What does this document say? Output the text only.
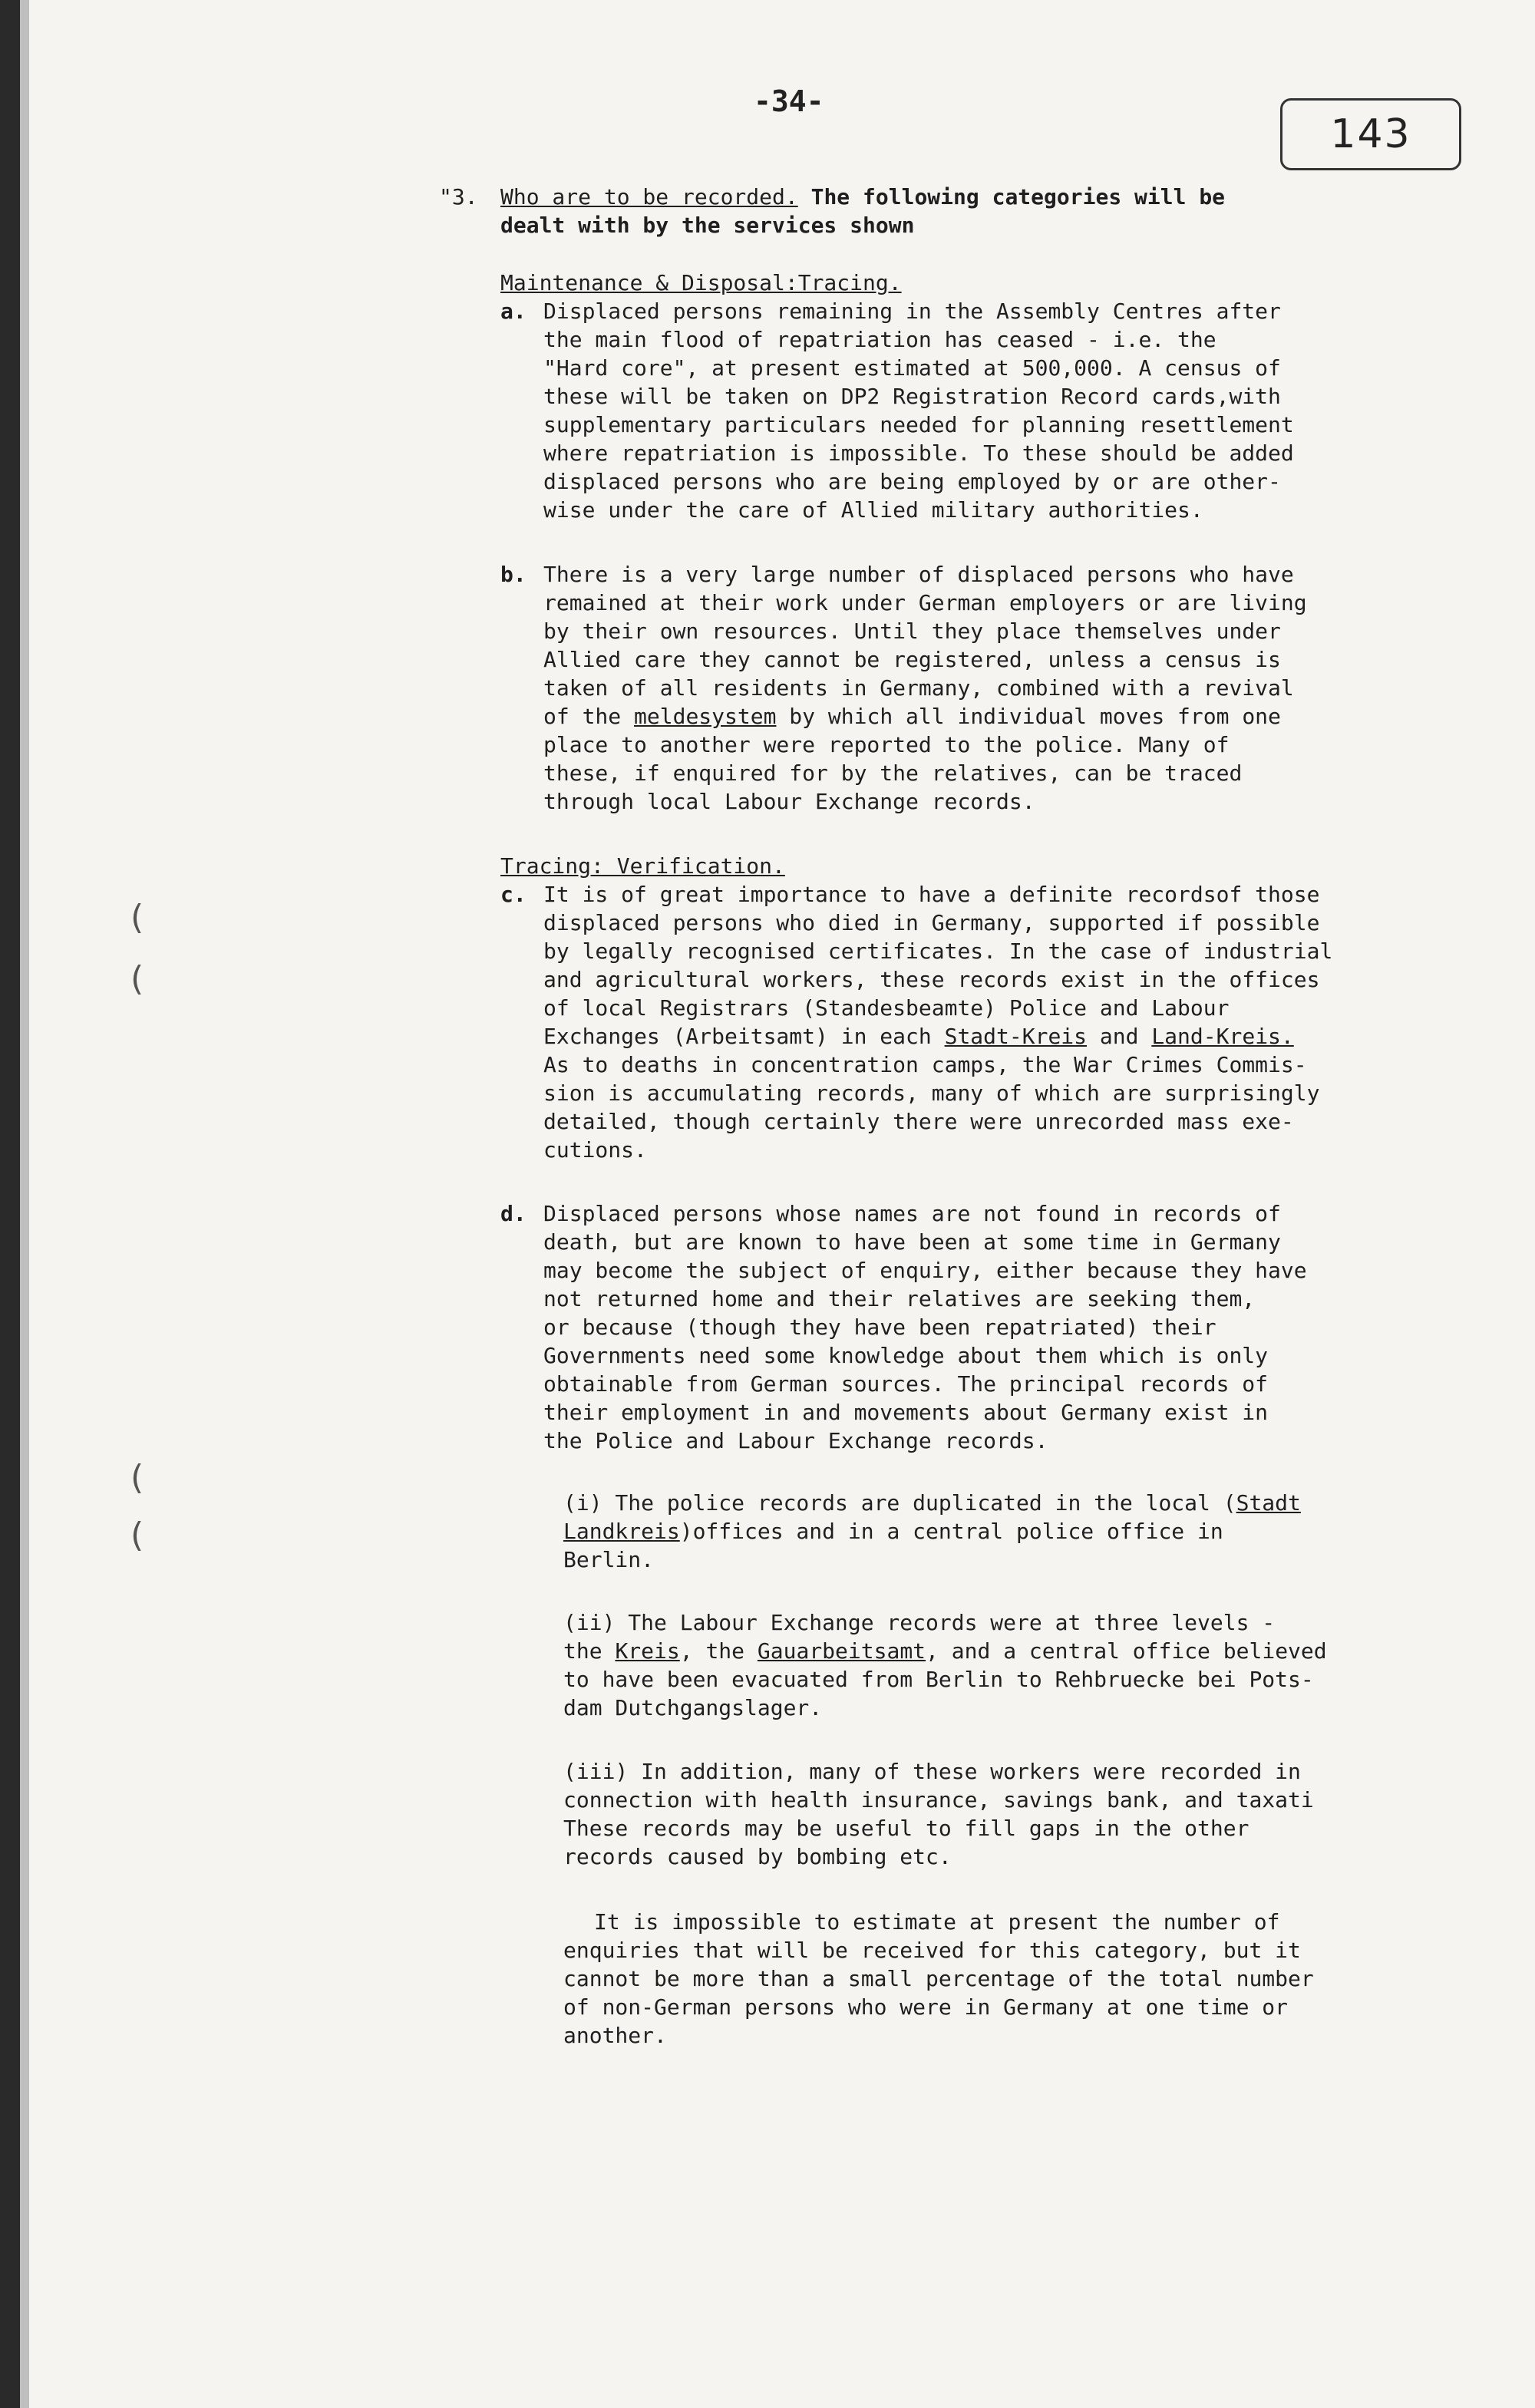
-34-
143
(
(
(
(
"3. Who are to be recorded. The following categories will be
dealt with by the services shown
Maintenance & Disposal:Tracing.
a. Displaced persons remaining in the Assembly Centres after
the main flood of repatriation has ceased - i.e. the
"Hard core", at present estimated at 500,000. A census of
these will be taken on DP2 Registration Record cards,with
supplementary particulars needed for planning resettlement
where repatriation is impossible. To these should be added
displaced persons who are being employed by or are other-
wise under the care of Allied military authorities.
b. There is a very large number of displaced persons who have
remained at their work under German employers or are living
by their own resources. Until they place themselves under
Allied care they cannot be registered, unless a census is
taken of all residents in Germany, combined with a revival
of the meldesystem by which all individual moves from one
place to another were reported to the police. Many of
these, if enquired for by the relatives, can be traced
through local Labour Exchange records.
Tracing: Verification.
c. It is of great importance to have a definite recordsof those
displaced persons who died in Germany, supported if possible
by legally recognised certificates. In the case of industrial
and agricultural workers, these records exist in the offices
of local Registrars (Standesbeamte) Police and Labour
Exchanges (Arbeitsamt) in each Stadt-Kreis and Land-Kreis.
As to deaths in concentration camps, the War Crimes Commis-
sion is accumulating records, many of which are surprisingly
detailed, though certainly there were unrecorded mass exe-
cutions.
d. Displaced persons whose names are not found in records of
death, but are known to have been at some time in Germany
may become the subject of enquiry, either because they have
not returned home and their relatives are seeking them,
or because (though they have been repatriated) their
Governments need some knowledge about them which is only
obtainable from German sources. The principal records of
their employment in and movements about Germany exist in
the Police and Labour Exchange records.
(i) The police records are duplicated in the local (Stadt
Landkreis)offices and in a central police office in
Berlin.
(ii) The Labour Exchange records were at three levels -
the Kreis, the Gauarbeitsamt, and a central office believed
to have been evacuated from Berlin to Rehbruecke bei Pots-
dam Dutchgangslager.
(iii) In addition, many of these workers were recorded in
connection with health insurance, savings bank, and taxati
These records may be useful to fill gaps in the other
records caused by bombing etc.
It is impossible to estimate at present the number of
enquiries that will be received for this category, but it
cannot be more than a small percentage of the total number
of non-German persons who were in Germany at one time or
another.
